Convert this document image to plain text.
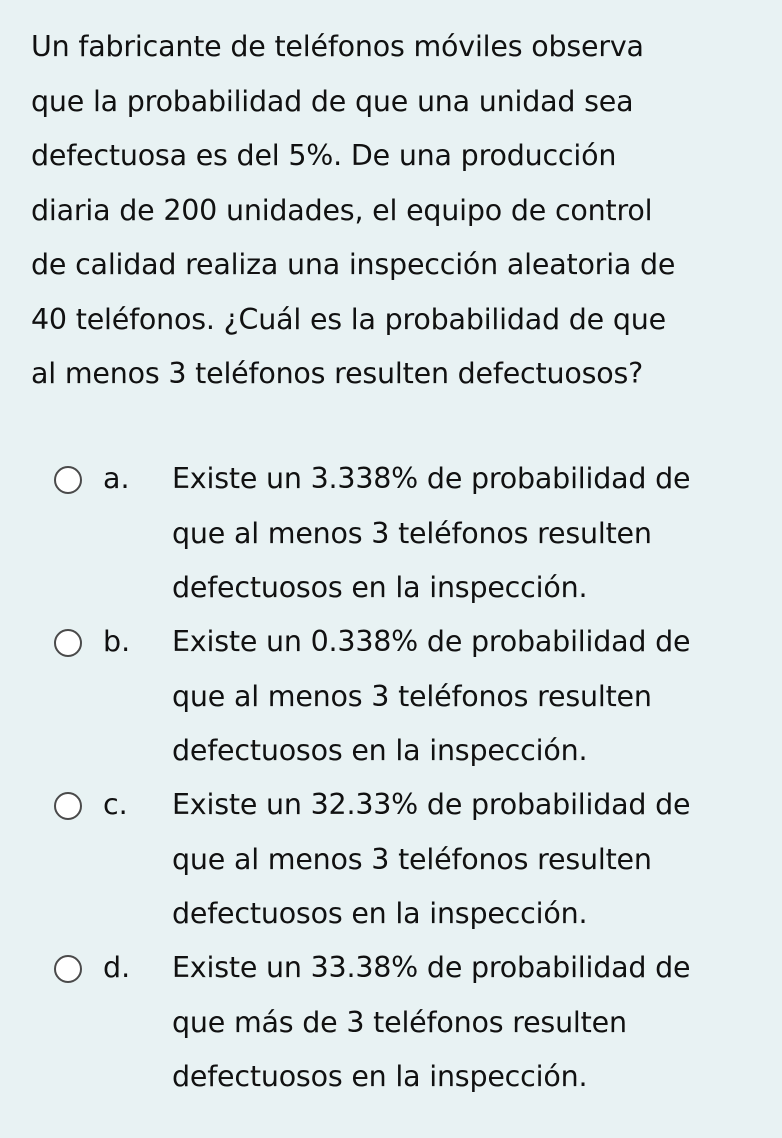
Un fabricante de teléfonos móviles observa
que la probabilidad de que una unidad sea
defectuosa es del 5%. De una producción
diaria de 200 unidades, el equipo de control
de calidad realiza una inspección aleatoria de
40 teléfonos. ¿Cuál es la probabilidad de que
al menos 3 teléfonos resulten defectuosos?
a. Existe un 3.338% de probabilidad de
que al menos 3 teléfonos resulten
defectuosos en la inspección.
b. Existe un 0.338% de probabilidad de
que al menos 3 teléfonos resulten
defectuosos en la inspección.
c. Existe un 32.33% de probabilidad de
que al menos 3 teléfonos resulten
defectuosos en la inspección.
d. Existe un 33.38% de probabilidad de
que más de 3 teléfonos resulten
defectuosos en la inspección.
